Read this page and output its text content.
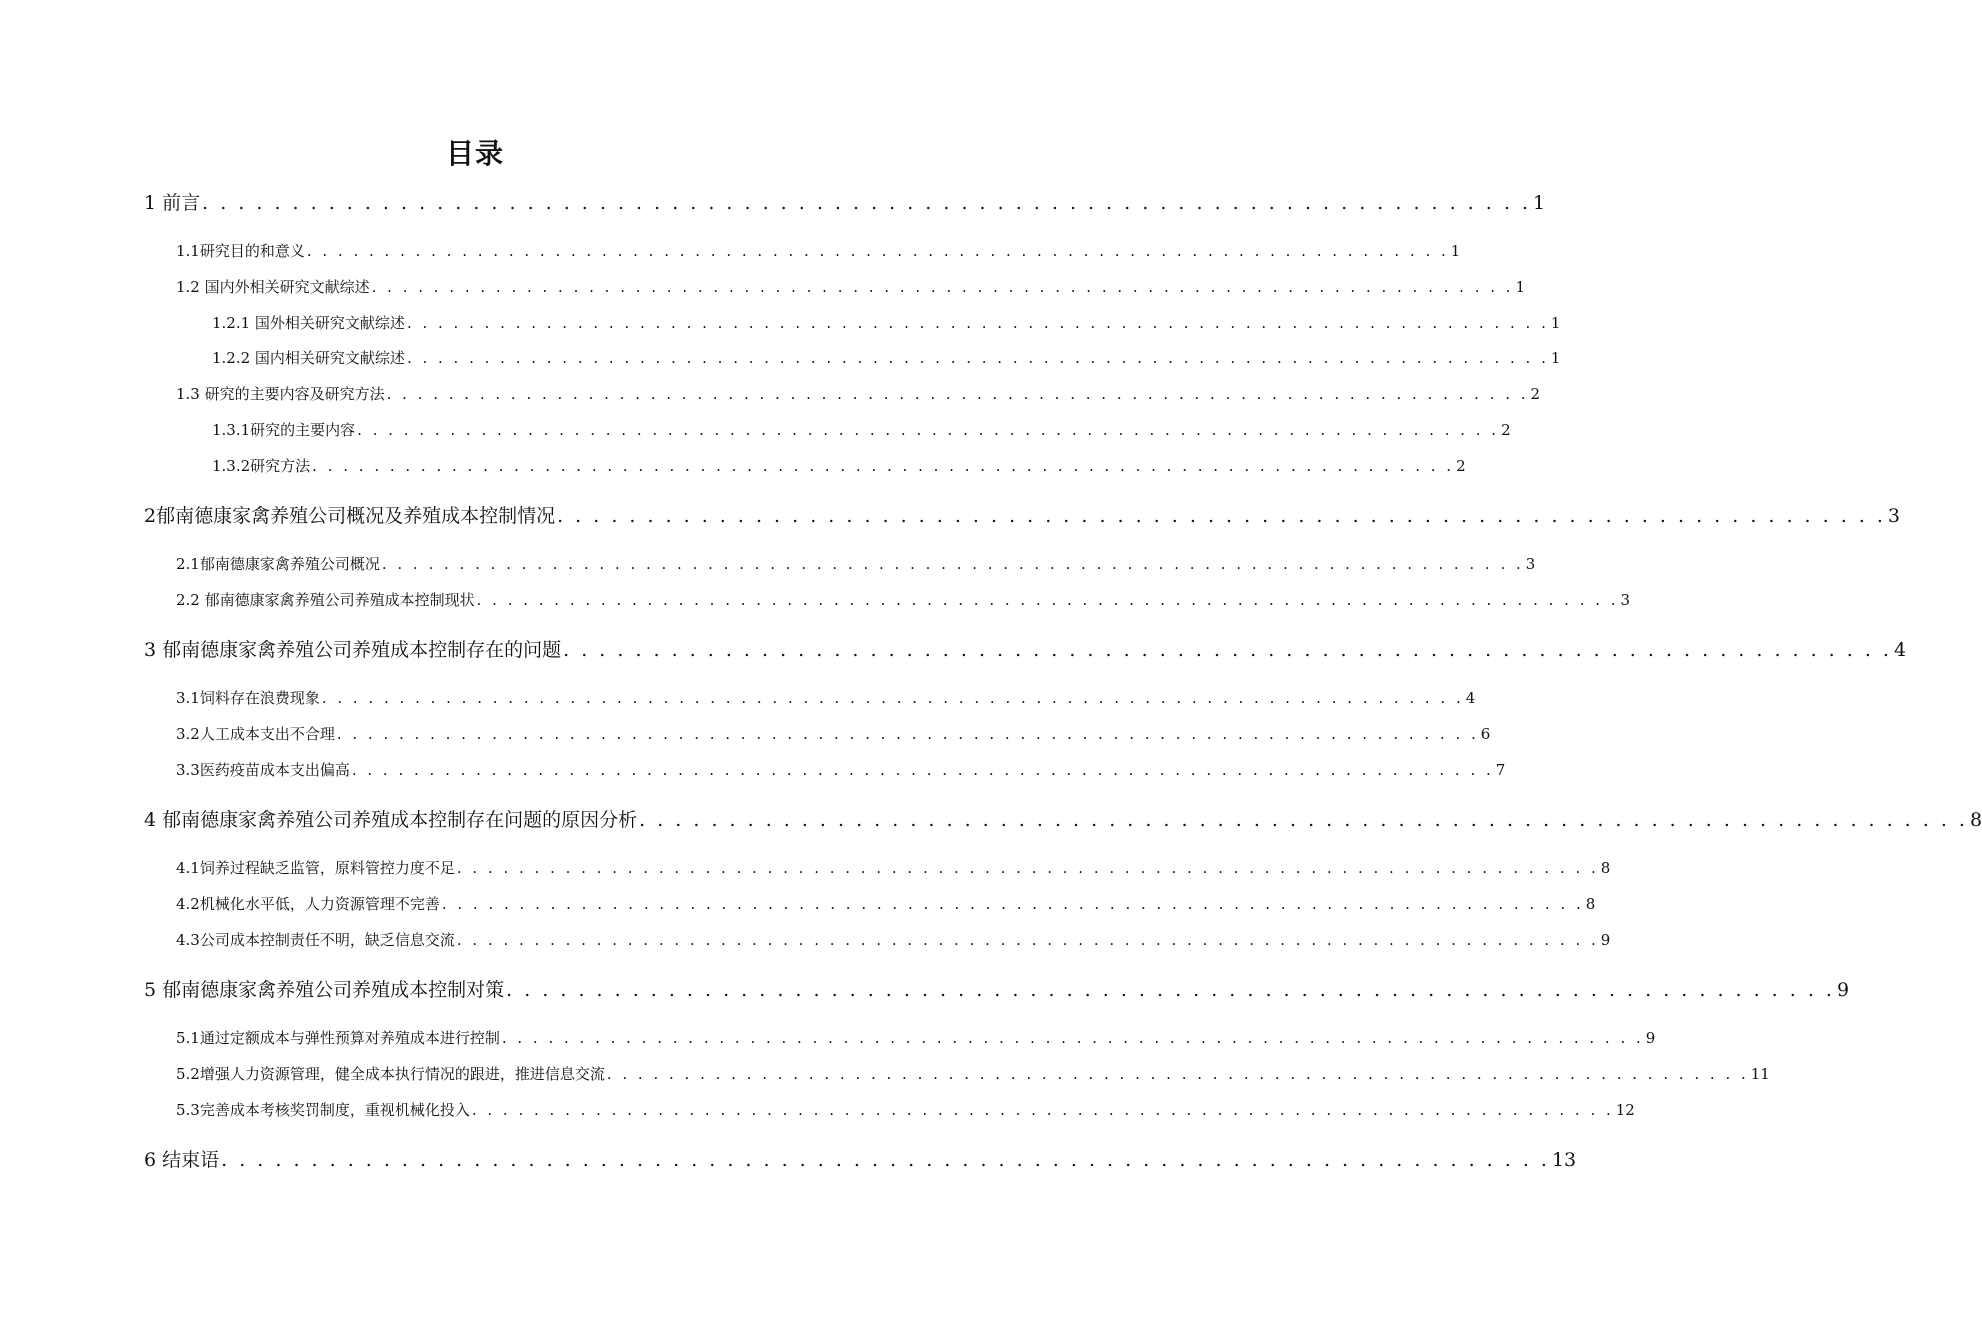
目录
1 前言 . . . . . . . . . . . . . . . . . . . . . . . . . . . . . . . . . . . . . . . . . . . . . . . . . . . . . . . . . . . . . . . . . . . . . . . . . . 1
1.1研究目的和意义 . . . . . . . . . . . . . . . . . . . . . . . . . . . . . . . . . . . . . . . . . . . . . . . . . . . . . . . . . . . . . . . . . . . . . . . . . . 1
1.2 国内外相关研究文献综述 . . . . . . . . . . . . . . . . . . . . . . . . . . . . . . . . . . . . . . . . . . . . . . . . . . . . . . . . . . . . . . . . . . . . . . . . . . 1
1.2.1 国外相关研究文献综述 . . . . . . . . . . . . . . . . . . . . . . . . . . . . . . . . . . . . . . . . . . . . . . . . . . . . . . . . . . . . . . . . . . . . . . . . . . 1
1.2.2 国内相关研究文献综述 . . . . . . . . . . . . . . . . . . . . . . . . . . . . . . . . . . . . . . . . . . . . . . . . . . . . . . . . . . . . . . . . . . . . . . . . . . 1
1.3 研究的主要内容及研究方法 . . . . . . . . . . . . . . . . . . . . . . . . . . . . . . . . . . . . . . . . . . . . . . . . . . . . . . . . . . . . . . . . . . . . . . . . . . 2
1.3.1研究的主要内容 . . . . . . . . . . . . . . . . . . . . . . . . . . . . . . . . . . . . . . . . . . . . . . . . . . . . . . . . . . . . . . . . . . . . . . . . . . 2
1.3.2研究方法 . . . . . . . . . . . . . . . . . . . . . . . . . . . . . . . . . . . . . . . . . . . . . . . . . . . . . . . . . . . . . . . . . . . . . . . . . . 2
2郁南德康家禽养殖公司概况及养殖成本控制情况 . . . . . . . . . . . . . . . . . . . . . . . . . . . . . . . . . . . . . . . . . . . . . . . . . . . . . . . . . . . . . . . . . . . . . . . . . . 3
2.1郁南德康家禽养殖公司概况 . . . . . . . . . . . . . . . . . . . . . . . . . . . . . . . . . . . . . . . . . . . . . . . . . . . . . . . . . . . . . . . . . . . . . . . . . . 3
2.2 郁南德康家禽养殖公司养殖成本控制现状 . . . . . . . . . . . . . . . . . . . . . . . . . . . . . . . . . . . . . . . . . . . . . . . . . . . . . . . . . . . . . . . . . . . . . . . . . . 3
3 郁南德康家禽养殖公司养殖成本控制存在的问题 . . . . . . . . . . . . . . . . . . . . . . . . . . . . . . . . . . . . . . . . . . . . . . . . . . . . . . . . . . . . . . . . . . . . . . . . . . 4
3.1饲料存在浪费现象 . . . . . . . . . . . . . . . . . . . . . . . . . . . . . . . . . . . . . . . . . . . . . . . . . . . . . . . . . . . . . . . . . . . . . . . . . . 4
3.2人工成本支出不合理 . . . . . . . . . . . . . . . . . . . . . . . . . . . . . . . . . . . . . . . . . . . . . . . . . . . . . . . . . . . . . . . . . . . . . . . . . . 6
3.3医药疫苗成本支出偏高 . . . . . . . . . . . . . . . . . . . . . . . . . . . . . . . . . . . . . . . . . . . . . . . . . . . . . . . . . . . . . . . . . . . . . . . . . . 7
4 郁南德康家禽养殖公司养殖成本控制存在问题的原因分析 . . . . . . . . . . . . . . . . . . . . . . . . . . . . . . . . . . . . . . . . . . . . . . . . . . . . . . . . . . . . . . . . . . . . . . . . . . 8
4.1饲养过程缺乏监管，原料管控力度不足 . . . . . . . . . . . . . . . . . . . . . . . . . . . . . . . . . . . . . . . . . . . . . . . . . . . . . . . . . . . . . . . . . . . . . . . . . . 8
4.2机械化水平低，人力资源管理不完善 . . . . . . . . . . . . . . . . . . . . . . . . . . . . . . . . . . . . . . . . . . . . . . . . . . . . . . . . . . . . . . . . . . . . . . . . . . 8
4.3公司成本控制责任不明，缺乏信息交流 . . . . . . . . . . . . . . . . . . . . . . . . . . . . . . . . . . . . . . . . . . . . . . . . . . . . . . . . . . . . . . . . . . . . . . . . . . 9
5 郁南德康家禽养殖公司养殖成本控制对策 . . . . . . . . . . . . . . . . . . . . . . . . . . . . . . . . . . . . . . . . . . . . . . . . . . . . . . . . . . . . . . . . . . . . . . . . . . 9
5.1通过定额成本与弹性预算对养殖成本进行控制 . . . . . . . . . . . . . . . . . . . . . . . . . . . . . . . . . . . . . . . . . . . . . . . . . . . . . . . . . . . . . . . . . . . . . . . . . . 9
5.2增强人力资源管理，健全成本执行情况的跟进，推进信息交流 . . . . . . . . . . . . . . . . . . . . . . . . . . . . . . . . . . . . . . . . . . . . . . . . . . . . . . . . . . . . . . . . . . . . . . . . . . 11
5.3完善成本考核奖罚制度，重视机械化投入 . . . . . . . . . . . . . . . . . . . . . . . . . . . . . . . . . . . . . . . . . . . . . . . . . . . . . . . . . . . . . . . . . . . . . . . . . . 12
6 结束语 . . . . . . . . . . . . . . . . . . . . . . . . . . . . . . . . . . . . . . . . . . . . . . . . . . . . . . . . . . . . . . . . . . . . . . . . . . 13
